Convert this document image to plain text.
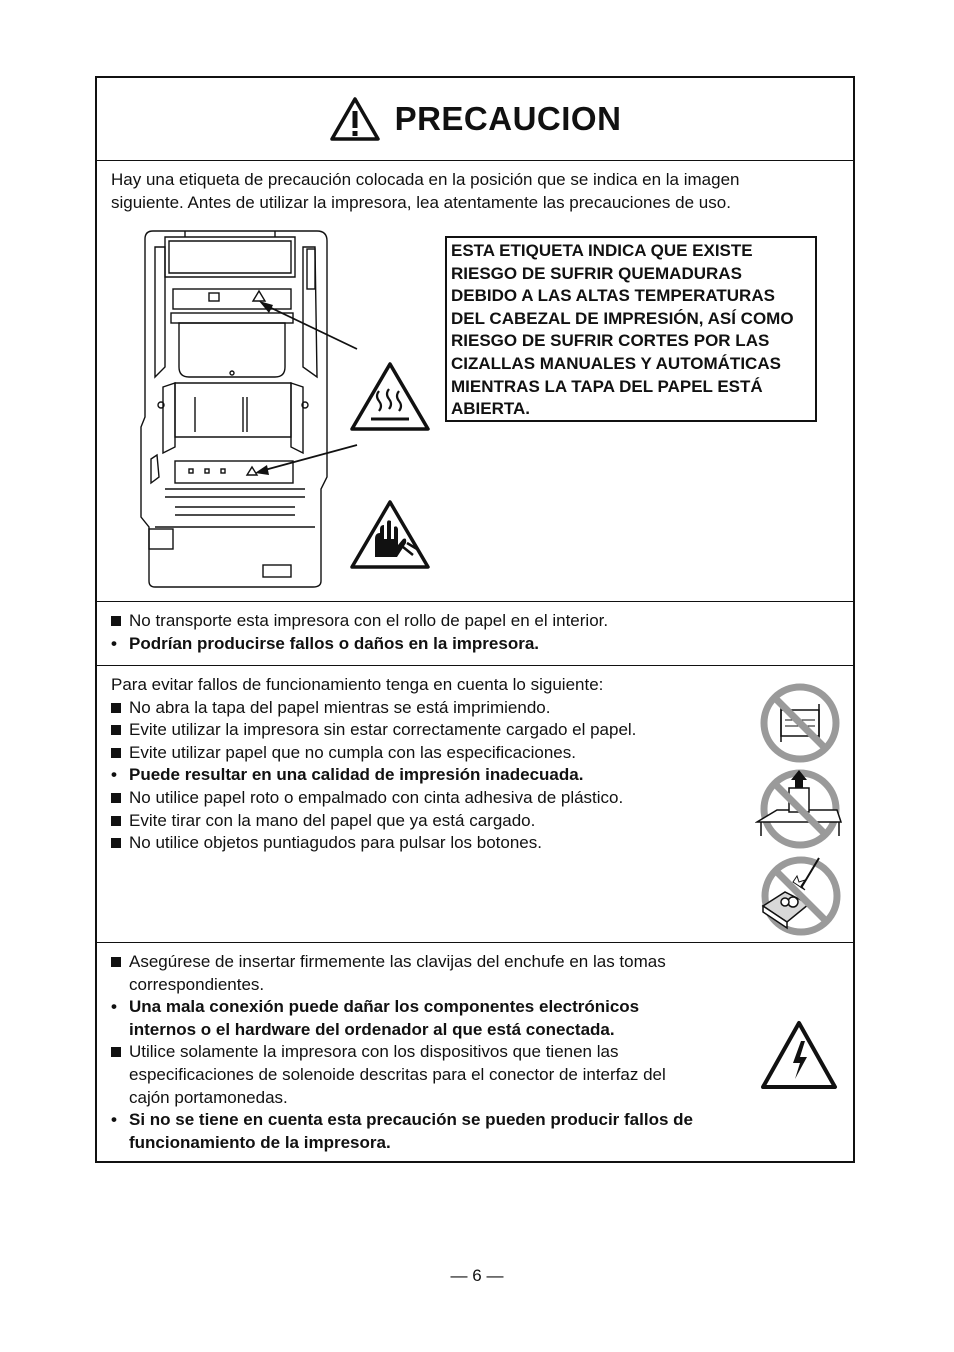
PRECAUCION

Hay una etiqueta de precaución colocada en la posición que se indica en la imagen

siguiente. Antes de utilizar la impresora, lea atentamente las precauciones de uso.

ESTA ETIQUETA INDICA QUE EXISTE
RIESGO DE SUFRIR QUEMADURAS
DEBIDO A LAS ALTAS TEMPERATURAS
DEL CABEZAL DE IMPRESIÓN, ASÍ COMO
RIESGO DE SUFRIR CORTES POR LAS
CIZALLAS MANUALES Y AUTOMÁTICAS
MIENTRAS LA TAPA DEL PAPEL ESTÁ
ABIERTA.
No transporte esta impresora con el rollo de papel en el interior.
• Podrían producirse fallos o daños en la impresora.

Para evitar fallos de funcionamiento tenga en cuenta lo siguiente:

No abra la tapa del papel mientras se está imprimiendo.
Evite utilizar la impresora sin estar correctamente cargado el papel.
Evite utilizar papel que no cumpla con las especificaciones.
• Puede resultar en una calidad de impresión inadecuada.
No utilice papel roto o empalmado con cinta adhesiva de plástico.
Evite tirar con la mano del papel que ya está cargado.
No utilice objetos puntiagudos para pulsar los botones.
Asegúrese de insertar firmemente las clavijas del enchufe en las tomas
correspondientes.
• Una mala conexión puede dañar los componentes electrónicos
internos o el hardware del ordenador al que está conectada.
Utilice solamente la impresora con los dispositivos que tienen las
especificaciones de solenoide descritas para el conector de interfaz del
cajón portamonedas.
• Si no se tiene en cuenta esta precaución se pueden producir fallos de
funcionamiento de la impresora.
— 6 —
